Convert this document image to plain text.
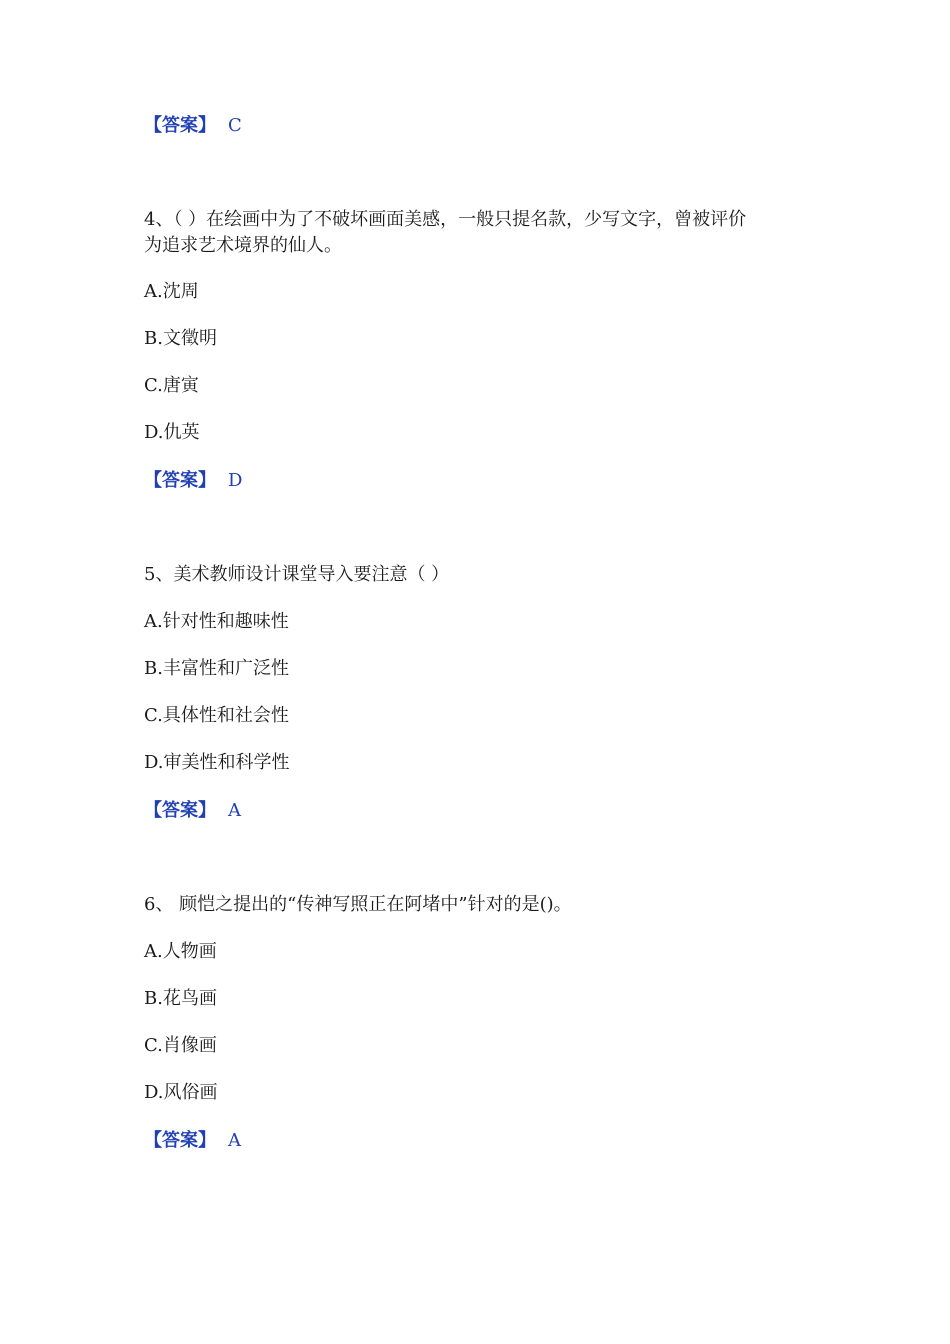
【答案】 C
4、（ ）在绘画中为了不破坏画面美感，一般只提名款，少写文字，曾被评价
为追求艺术境界的仙人。
A.沈周
B.文徵明
C.唐寅
D.仇英
【答案】 D
5、美术教师设计课堂导入要注意（ ）
A.针对性和趣味性
B.丰富性和广泛性
C.具体性和社会性
D.审美性和科学性
【答案】 A
6、 顾恺之提出的“传神写照正在阿堵中”针对的是()。
A.人物画
B.花鸟画
C.肖像画
D.风俗画
【答案】 A
